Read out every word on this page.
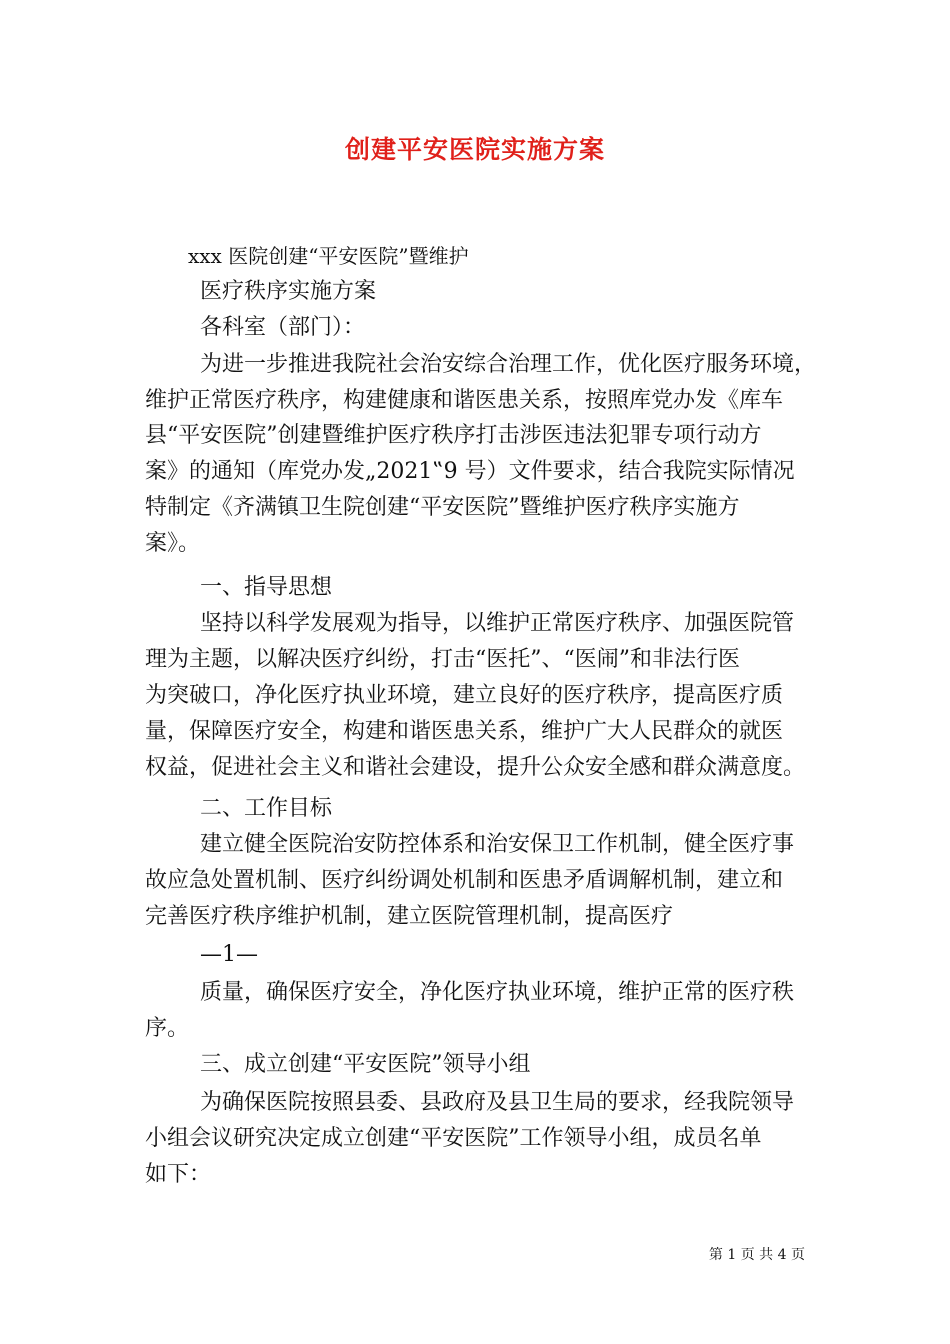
创建平安医院实施方案
xxx 医院创建“平安医院”暨维护
医疗秩序实施方案
各科室（部门）：
为进一步推进我院社会治安综合治理工作，优化医疗服务环境，
维护正常医疗秩序，构建健康和谐医患关系，按照库党办发《库车
县“平安医院”创建暨维护医疗秩序打击涉医违法犯罪专项行动方
案》的通知（库党办发„2021‟9 号）文件要求，结合我院实际情况
特制定《齐满镇卫生院创建“平安医院”暨维护医疗秩序实施方
案》。
一、指导思想
坚持以科学发展观为指导，以维护正常医疗秩序、加强医院管
理为主题，以解决医疗纠纷，打击“医托”、“医闹”和非法行医
为突破口，净化医疗执业环境，建立良好的医疗秩序，提高医疗质
量，保障医疗安全，构建和谐医患关系，维护广大人民群众的就医
权益，促进社会主义和谐社会建设，提升公众安全感和群众满意度。
二、工作目标
建立健全医院治安防控体系和治安保卫工作机制，健全医疗事
故应急处置机制、医疗纠纷调处机制和医患矛盾调解机制，建立和
完善医疗秩序维护机制，建立医院管理机制，提高医疗
—1—
质量，确保医疗安全，净化医疗执业环境，维护正常的医疗秩
序。
三、成立创建“平安医院”领导小组
为确保医院按照县委、县政府及县卫生局的要求，经我院领导
小组会议研究决定成立创建“平安医院”工作领导小组，成员名单
如下：
第 1 页 共 4 页
